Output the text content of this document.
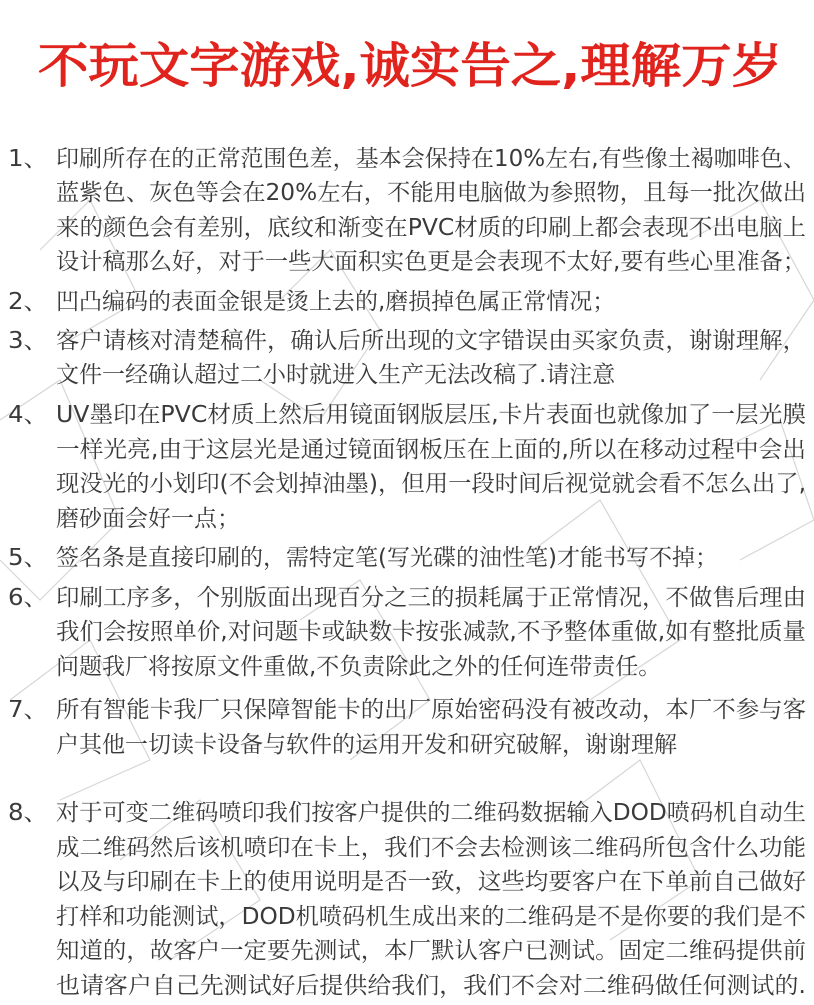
不玩文字游戏,诚实告之,理解万岁
1、 印刷所存在的正常范围色差，基本会保持在10%左右,有些像土褐咖啡色、
蓝紫色、灰色等会在20%左右，不能用电脑做为参照物，且每一批次做出
来的颜色会有差别，底纹和渐变在PVC材质的印刷上都会表现不出电脑上
设计稿那么好，对于一些大面积实色更是会表现不太好,要有些心里准备；
2、 凹凸编码的表面金银是烫上去的,磨损掉色属正常情况；
3、 客户请核对清楚稿件，确认后所出现的文字错误由买家负责，谢谢理解，
文件一经确认超过二小时就进入生产无法改稿了.请注意
4、 UV墨印在PVC材质上然后用镜面钢版层压,卡片表面也就像加了一层光膜
一样光亮,由于这层光是通过镜面钢板压在上面的,所以在移动过程中会出
现没光的小划印(不会划掉油墨)，但用一段时间后视觉就会看不怎么出了,
磨砂面会好一点；
5、 签名条是直接印刷的，需特定笔(写光碟的油性笔)才能书写不掉；
6、 印刷工序多，个别版面出现百分之三的损耗属于正常情况，不做售后理由
我们会按照单价,对问题卡或缺数卡按张减款,不予整体重做,如有整批质量
问题我厂将按原文件重做,不负责除此之外的任何连带责任。
7、 所有智能卡我厂只保障智能卡的出厂原始密码没有被改动，本厂不参与客
户其他一切读卡设备与软件的运用开发和研究破解，谢谢理解
8、 对于可变二维码喷印我们按客户提供的二维码数据输入DOD喷码机自动生
成二维码然后该机喷印在卡上，我们不会去检测该二维码所包含什么功能
以及与印刷在卡上的使用说明是否一致，这些均要客户在下单前自己做好
打样和功能测试，DOD机喷码机生成出来的二维码是不是你要的我们是不
知道的，故客户一定要先测试，本厂默认客户已测试。固定二维码提供前
也请客户自己先测试好后提供给我们，我们不会对二维码做任何测试的.
